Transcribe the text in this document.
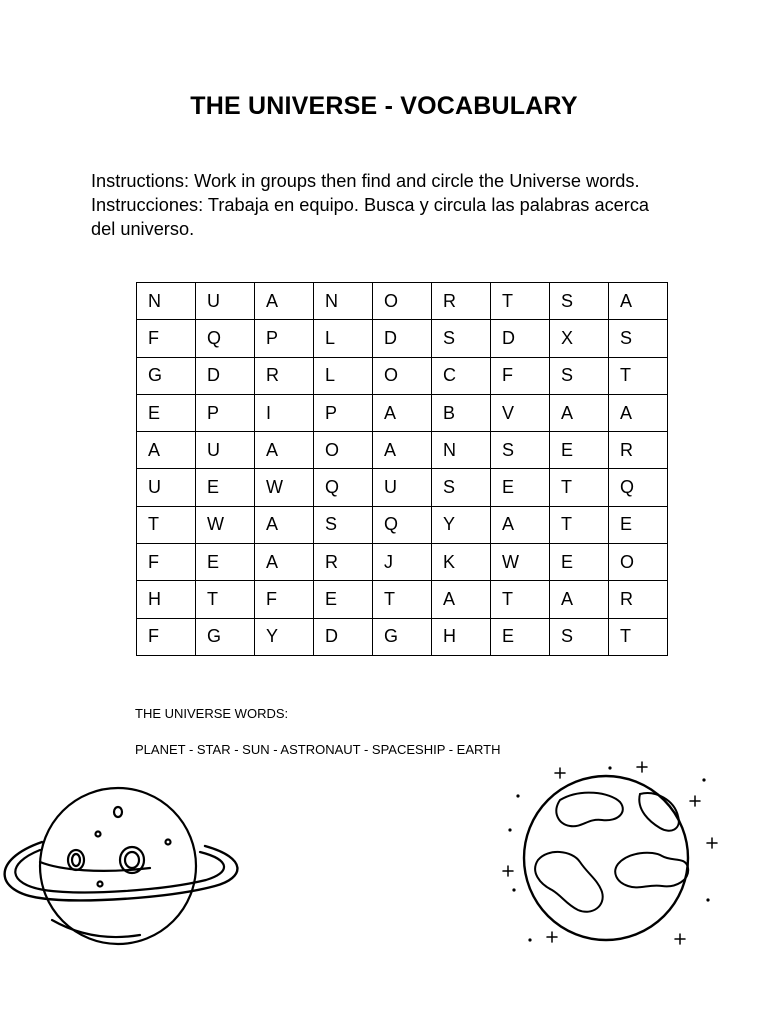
THE UNIVERSE - VOCABULARY
Instructions: Work in groups then find and circle the Universe words.
Instrucciones: Trabaja en equipo. Busca y circula las palabras acerca
del universo.
N	U	A	N	O	R	T	S	A
F	Q	P	L	D	S	D	X	S
G	D	R	L	O	C	F	S	T
E	P	I	P	A	B	V	A	A
A	U	A	O	A	N	S	E	R
U	E	W	Q	U	S	E	T	Q
T	W	A	S	Q	Y	A	T	E
F	E	A	R	J	K	W	E	O
H	T	F	E	T	A	T	A	R
F	G	Y	D	G	H	E	S	T
THE UNIVERSE WORDS:
PLANET - STAR - SUN - ASTRONAUT - SPACESHIP - EARTH
